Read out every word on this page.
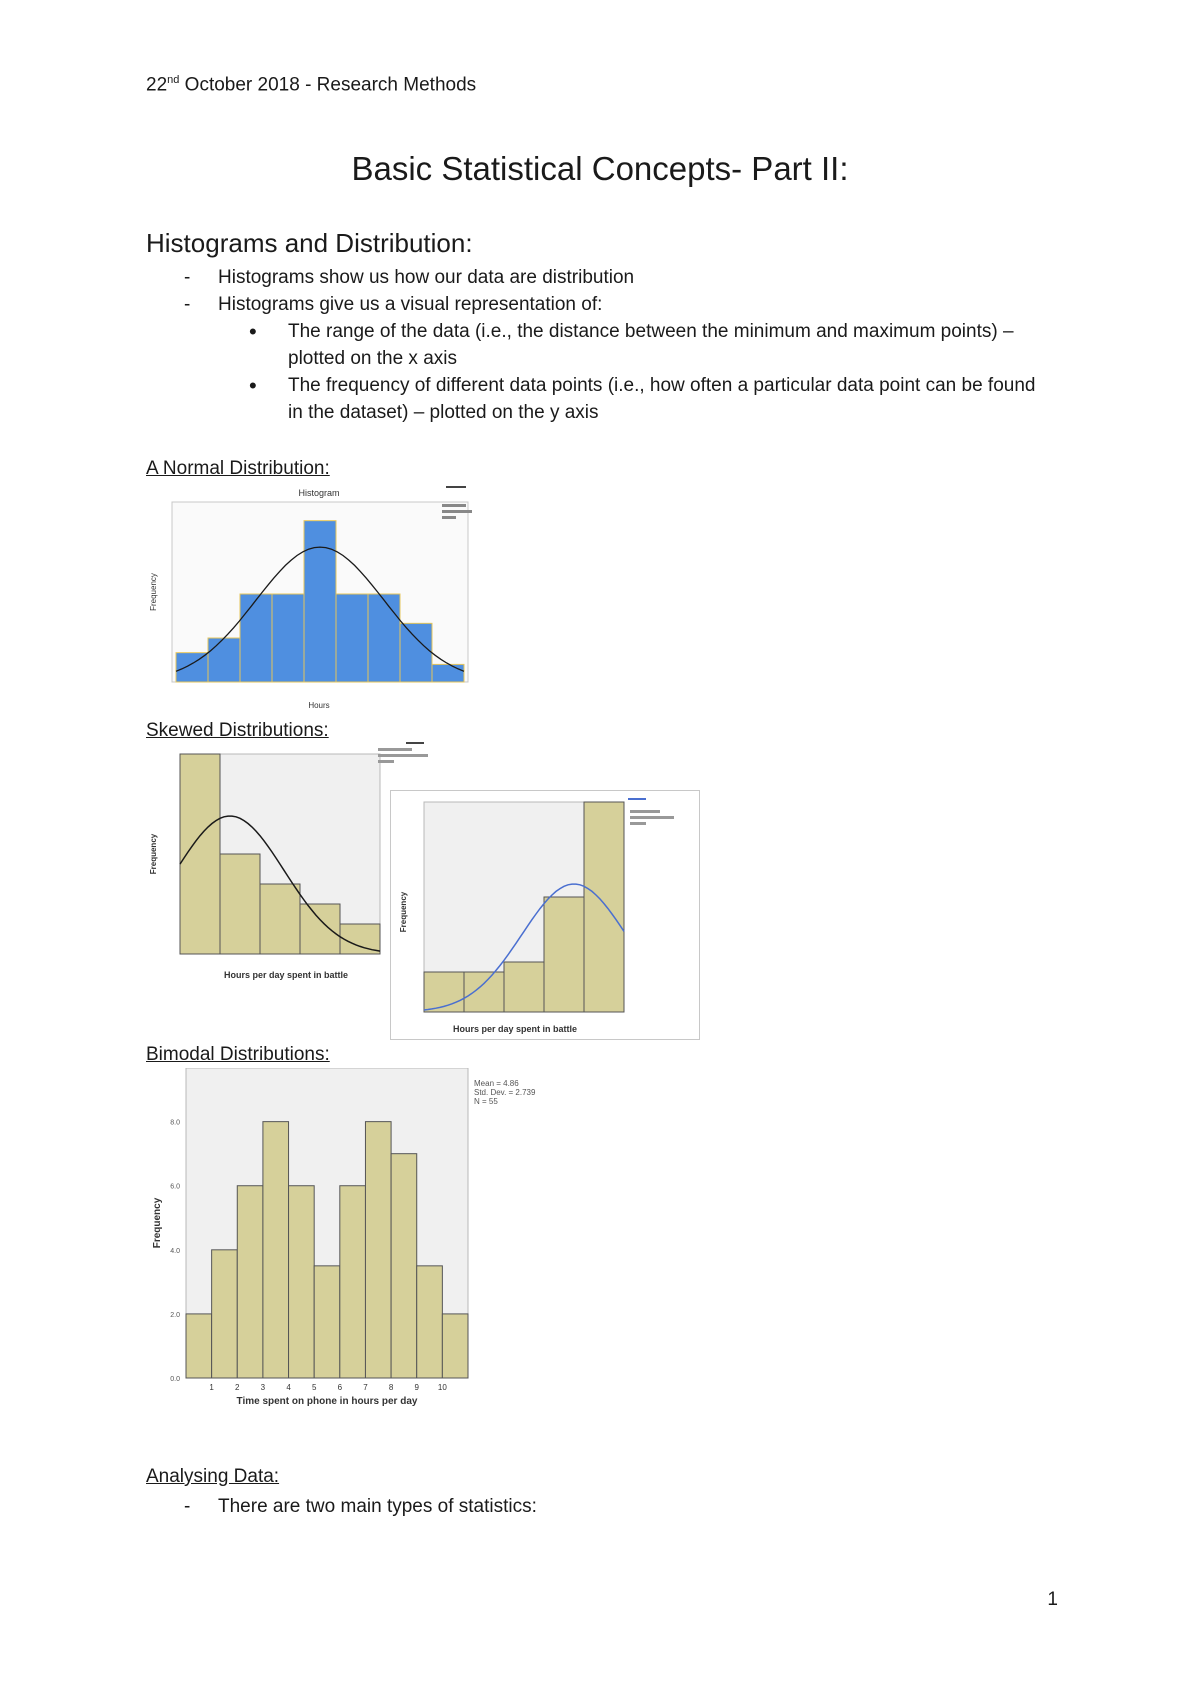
22nd October 2018 - Research Methods
Basic Statistical Concepts- Part II:
Histograms and Distribution:
- Histograms show us how our data are distribution
- Histograms give us a visual representation of:
• The range of the data (i.e., the distance between the minimum and maximum points) – plotted on the x axis
• The frequency of different data points (i.e., how often a particular data point can be found in the dataset) – plotted on the y axis
A Normal Distribution:
Histogram
Frequency
Hours
Skewed Distributions:
Frequency
Hours per day spent in battle
Frequency
Hours per day spent in battle
Bimodal Distributions:
Frequency
Time spent on phone in hours per day
0.0
2.0
4.0
6.0
8.0
1	2	3	4	5	6	7	8	9 10
Mean = 4.86
Std. Dev. = 2.739
N = 55
Analysing Data:
- There are two main types of statistics:
1
